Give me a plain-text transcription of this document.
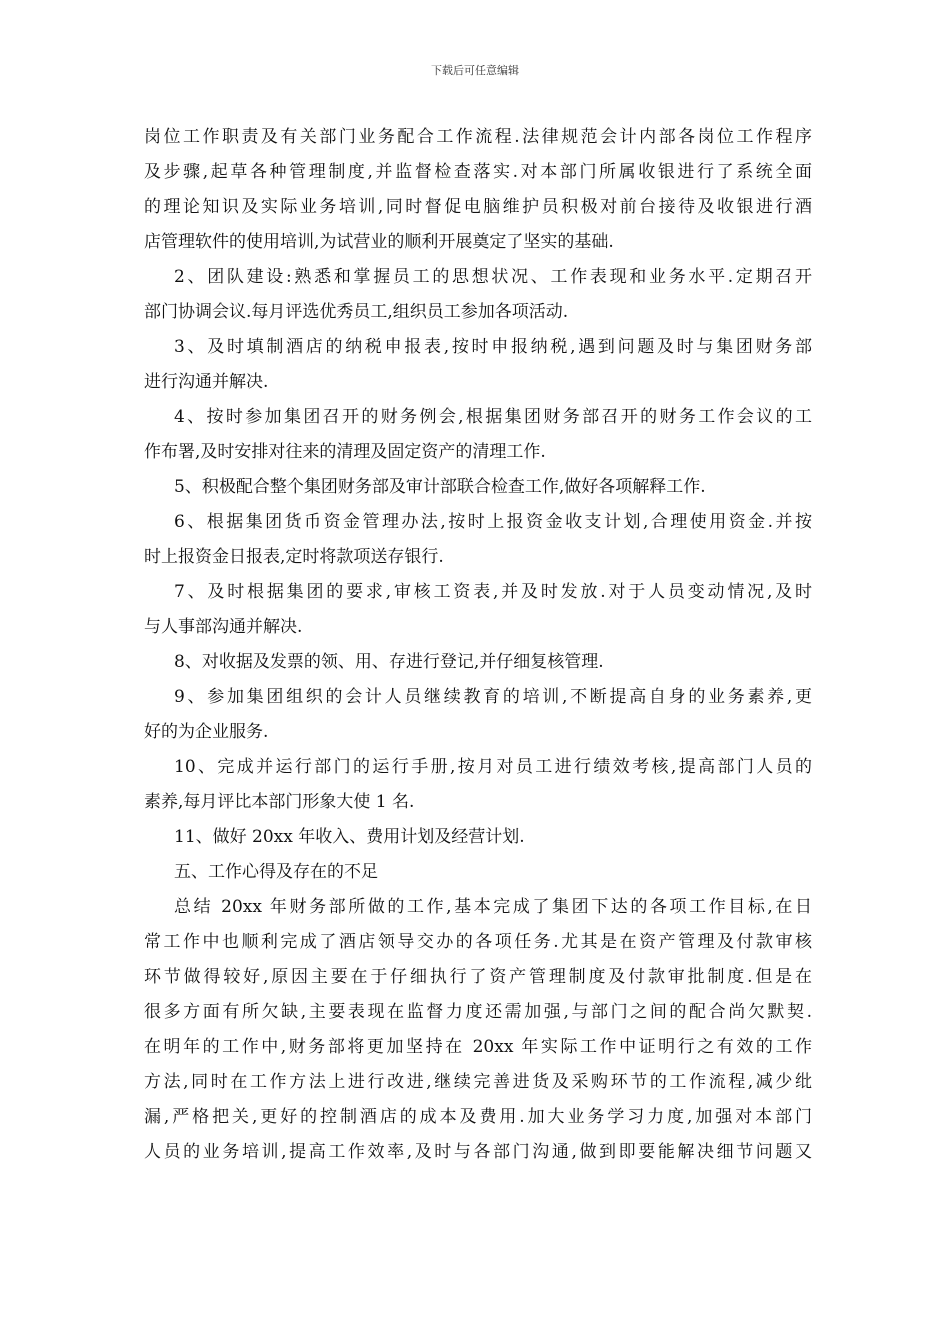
下载后可任意编辑
岗位工作职责及有关部门业务配合工作流程.法律规范会计内部各岗位工作程序
及步骤,起草各种管理制度,并监督检查落实.对本部门所属收银进行了系统全面
的理论知识及实际业务培训,同时督促电脑维护员积极对前台接待及收银进行酒
店管理软件的使用培训,为试营业的顺利开展奠定了坚实的基础.
2、团队建设:熟悉和掌握员工的思想状况、工作表现和业务水平.定期召开
部门协调会议.每月评选优秀员工,组织员工参加各项活动.
3、及时填制酒店的纳税申报表,按时申报纳税,遇到问题及时与集团财务部
进行沟通并解决.
4、按时参加集团召开的财务例会,根据集团财务部召开的财务工作会议的工
作布署,及时安排对往来的清理及固定资产的清理工作.
5、积极配合整个集团财务部及审计部联合检查工作,做好各项解释工作.
6、根据集团货币资金管理办法,按时上报资金收支计划,合理使用资金.并按
时上报资金日报表,定时将款项送存银行.
7、及时根据集团的要求,审核工资表,并及时发放.对于人员变动情况,及时
与人事部沟通并解决.
8、对收据及发票的领、用、存进行登记,并仔细复核管理.
9、参加集团组织的会计人员继续教育的培训,不断提高自身的业务素养,更
好的为企业服务.
10、完成并运行部门的运行手册,按月对员工进行绩效考核,提高部门人员的
素养,每月评比本部门形象大使 1 名.
11、做好 20xx 年收入、费用计划及经营计划.
五、工作心得及存在的不足
总结 20xx 年财务部所做的工作,基本完成了集团下达的各项工作目标,在日
常工作中也顺利完成了酒店领导交办的各项任务.尤其是在资产管理及付款审核
环节做得较好,原因主要在于仔细执行了资产管理制度及付款审批制度.但是在
很多方面有所欠缺,主要表现在监督力度还需加强,与部门之间的配合尚欠默契.
在明年的工作中,财务部将更加坚持在 20xx 年实际工作中证明行之有效的工作
方法,同时在工作方法上进行改进,继续完善进货及采购环节的工作流程,减少纰
漏,严格把关,更好的控制酒店的成本及费用.加大业务学习力度,加强对本部门
人员的业务培训,提高工作效率,及时与各部门沟通,做到即要能解决细节问题又
